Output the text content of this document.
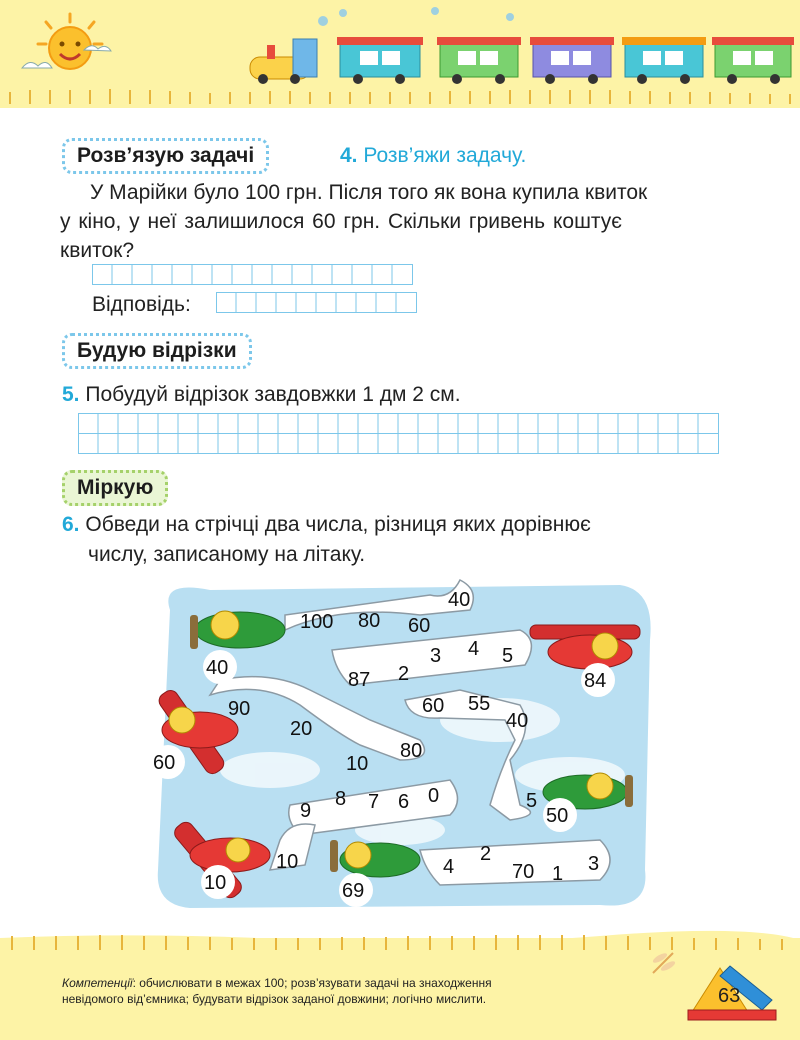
Розв’язую задачі	4. Розв’яжи задачу.
У Марійки було 100 грн. Після того як вона купила квиток
у кіно, у неї залишилося 60 грн. Скільки гривень коштує
квиток?
Відповідь:
Будую відрізки
5. Побудуй відрізок завдовжки 1 дм 2 см.
Міркую
6. Обведи на стрічці два числа, різниця яких дорівнює
числу, записаному на літаку.
100 80 60
40
87 2
3 4 5
90
20
10
80
60 55
40
9
8 7 6 0	5
10	4
2
70 1 3
40
84
60
50
10	69
Компетенції: обчислювати в межах 100; розв’язувати задачі на знаходження
невідомого від’ємника; будувати відрізок заданої довжини; логічно мислити.	63
